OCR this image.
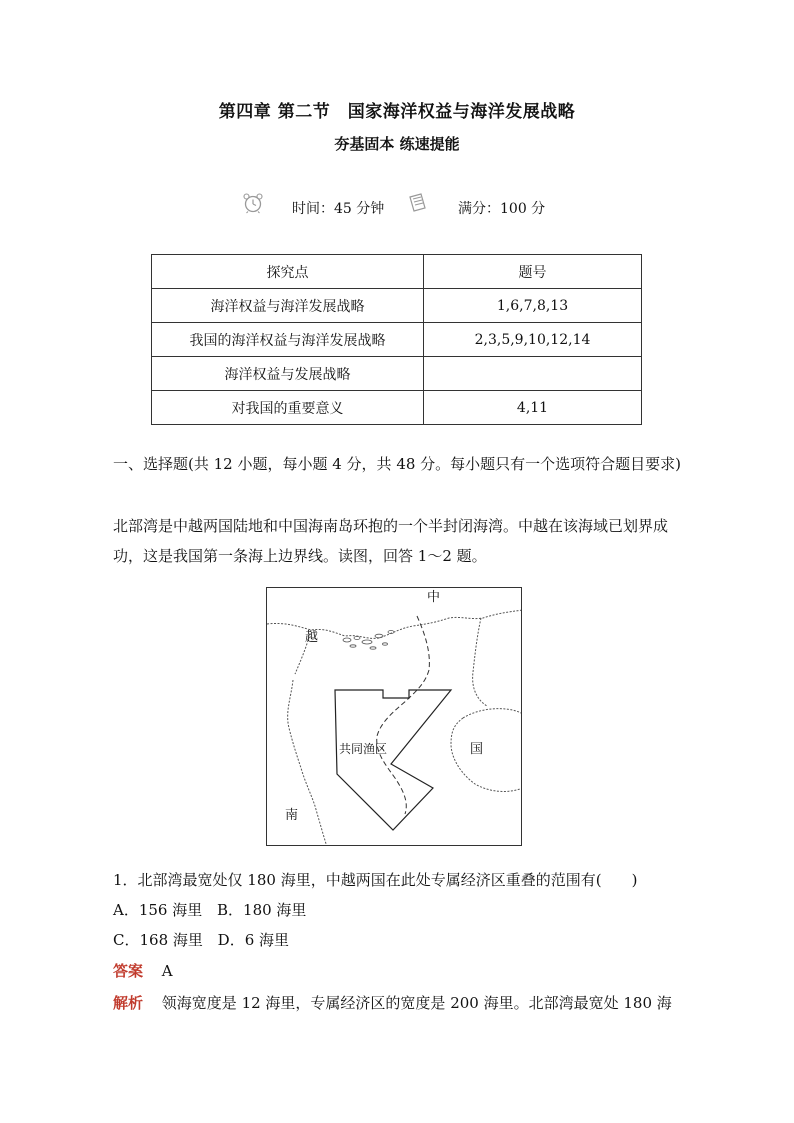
第四章 第二节　国家海洋权益与海洋发展战略
夯基固本 练速提能
时间：45 分钟	满分：100 分
探究点	题号
海洋权益与海洋发展战略	1,6,7,8,13
我国的海洋权益与海洋发展战略	2,3,5,9,10,12,14
海洋权益与发展战略	
对我国的重要意义	4,11
一、选择题(共 12 小题，每小题 4 分，共 48 分。每小题只有一个选项符合题目要求)
北部湾是中越两国陆地和中国海南岛环抱的一个半封闭海湾。中越在该海域已划界成功，这是我国第一条海上边界线。读图，回答 1～2 题。
中
越
南
国
共同渔区
1．北部湾最宽处仅 180 海里，中越两国在此处专属经济区重叠的范围有(　　)
A．156 海里 B．180 海里
C．168 海里 D．6 海里
答案 A
解析 领海宽度是 12 海里，专属经济区的宽度是 200 海里。北部湾最宽处 180 海
